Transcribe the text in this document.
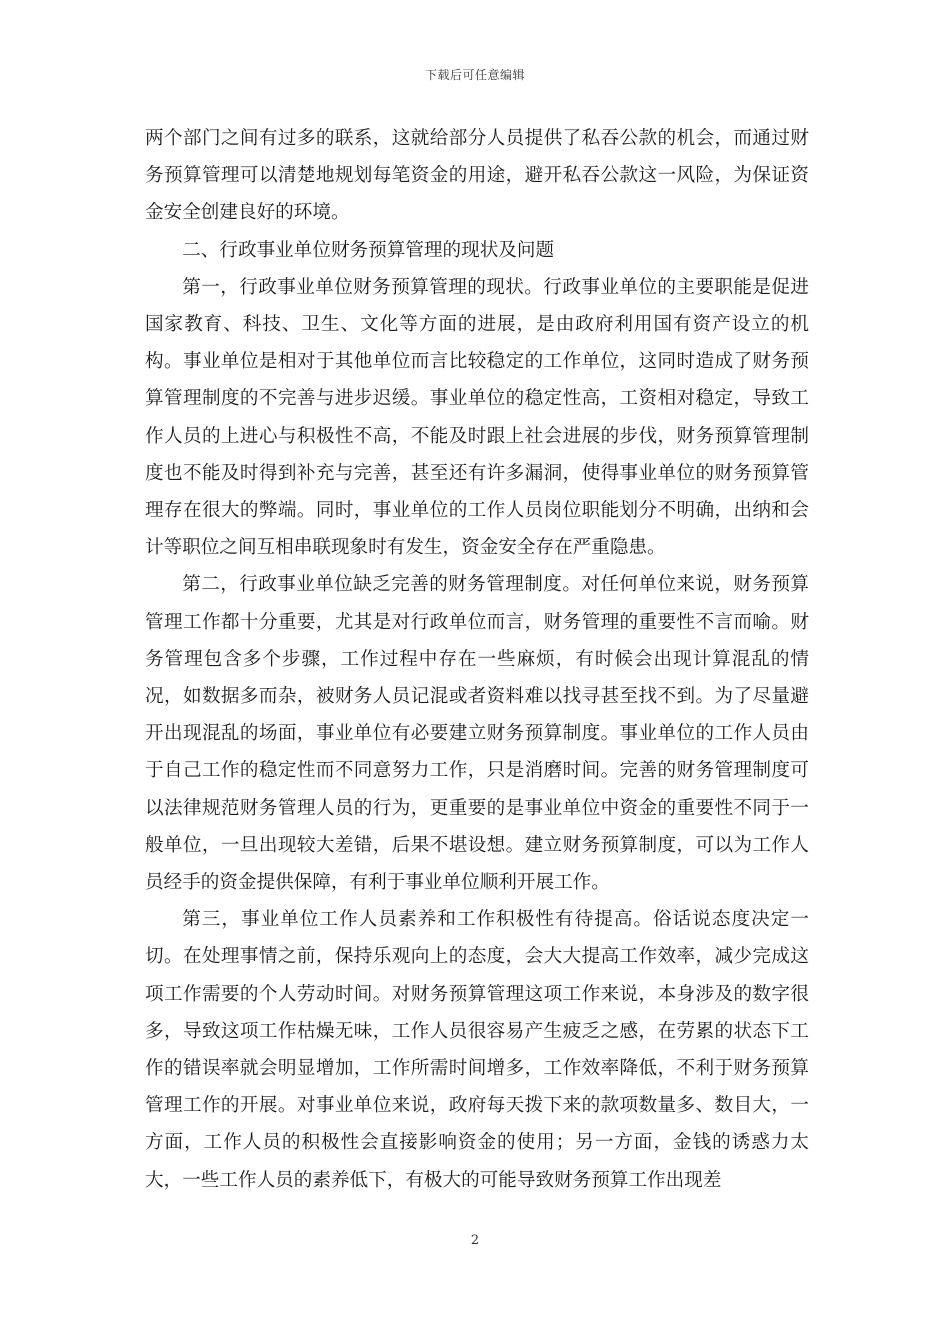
下载后可任意编辑

两个部门之间有过多的联系，这就给部分人员提供了私吞公款的机会，而通过财务预算管理可以清楚地规划每笔资金的用途，避开私吞公款这一风险，为保证资金安全创建良好的环境。

二、行政事业单位财务预算管理的现状及问题

第一，行政事业单位财务预算管理的现状。行政事业单位的主要职能是促进国家教育、科技、卫生、文化等方面的进展，是由政府利用国有资产设立的机构。事业单位是相对于其他单位而言比较稳定的工作单位，这同时造成了财务预算管理制度的不完善与进步迟缓。事业单位的稳定性高，工资相对稳定，导致工作人员的上进心与积极性不高，不能及时跟上社会进展的步伐，财务预算管理制度也不能及时得到补充与完善，甚至还有许多漏洞，使得事业单位的财务预算管理存在很大的弊端。同时，事业单位的工作人员岗位职能划分不明确，出纳和会计等职位之间互相串联现象时有发生，资金安全存在严重隐患。

第二，行政事业单位缺乏完善的财务管理制度。对任何单位来说，财务预算管理工作都十分重要，尤其是对行政单位而言，财务管理的重要性不言而喻。财务管理包含多个步骤，工作过程中存在一些麻烦，有时候会出现计算混乱的情况，如数据多而杂，被财务人员记混或者资料难以找寻甚至找不到。为了尽量避开出现混乱的场面，事业单位有必要建立财务预算制度。事业单位的工作人员由于自己工作的稳定性而不同意努力工作，只是消磨时间。完善的财务管理制度可以法律规范财务管理人员的行为，更重要的是事业单位中资金的重要性不同于一般单位，一旦出现较大差错，后果不堪设想。建立财务预算制度，可以为工作人员经手的资金提供保障，有利于事业单位顺利开展工作。

第三，事业单位工作人员素养和工作积极性有待提高。俗话说态度决定一切。在处理事情之前，保持乐观向上的态度，会大大提高工作效率，减少完成这项工作需要的个人劳动时间。对财务预算管理这项工作来说，本身涉及的数字很多，导致这项工作枯燥无味，工作人员很容易产生疲乏之感，在劳累的状态下工作的错误率就会明显增加，工作所需时间增多，工作效率降低，不利于财务预算管理工作的开展。对事业单位来说，政府每天拨下来的款项数量多、数目大，一方面，工作人员的积极性会直接影响资金的使用；另一方面，金钱的诱惑力太大，一些工作人员的素养低下，有极大的可能导致财务预算工作出现差

2
